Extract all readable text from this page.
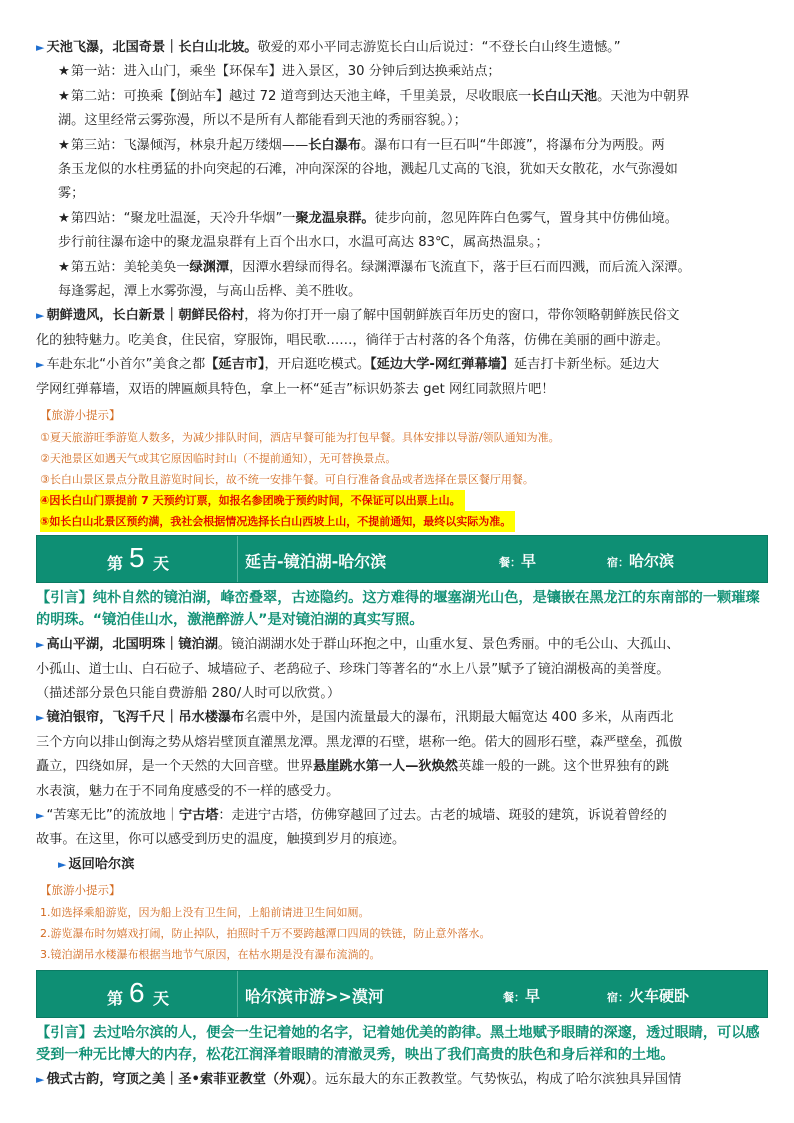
► 天池飞瀑，北国奇景｜长白山北坡。敬爱的邓小平同志游览长白山后说过：“不登长白山终生遗憾。”

★第一站：进入山门，乘坐【环保车】进入景区，30 分钟后到达换乘站点；

★第二站：可换乘【倒站车】越过 72 道弯到达天池主峰，千里美景，尽收眼底一长白山天池。天池为中朝界

湖。这里经常云雾弥漫，所以不是所有人都能看到天池的秀丽容貌。）；

★第三站：飞瀑倾泻，林泉升起万缕烟——长白瀑布。瀑布口有一巨石叫“牛郎渡”，将瀑布分为两股。两

条玉龙似的水柱勇猛的扑向突起的石滩，冲向深深的谷地，溅起几丈高的飞浪，犹如天女散花，水气弥漫如

雾；

★第四站：“聚龙吐温涎，天冷升华烟”一聚龙温泉群。徒步向前，忽见阵阵白色雾气，置身其中仿佛仙境。

步行前往瀑布途中的聚龙温泉群有上百个出水口，水温可高达 83℃，属高热温泉。；

★第五站：美轮美奂一绿渊潭，因潭水碧绿而得名。绿渊潭瀑布飞流直下，落于巨石而四溅，而后流入深潭。

每逢雾起，潭上水雾弥漫，与高山岳桦、美不胜收。

► 朝鲜遗风，长白新景｜朝鲜民俗村，将为你打开一扇了解中国朝鲜族百年历史的窗口，带你领略朝鲜族民俗文

化的独特魅力。吃美食，住民宿，穿服饰，唱民歌……，徜徉于古村落的各个角落，仿佛在美丽的画中游走。

► 车赴东北“小首尔”美食之都【延吉市】，开启逛吃模式。【延边大学-网红弹幕墙】延吉打卡新坐标。延边大

学网红弹幕墙，双语的牌匾颇具特色，拿上一杯“延吉”标识奶茶去 get 网红同款照片吧！

【旅游小提示】

①夏天旅游旺季游览人数多，为减少排队时间，酒店早餐可能为打包早餐。具体安排以导游/领队通知为准。
②天池景区如遇天气或其它原因临时封山（不提前通知），无可替换景点。
③长白山景区景点分散且游览时间长，故不统一安排午餐。可自行准备食品或者选择在景区餐厅用餐。
④因长白山门票提前 7 天预约订票，如报名参团晚于预约时间，不保证可以出票上山。
⑤如长白山北景区预约满，我社会根据情况选择长白山西坡上山，不提前通知，最终以实际为准。
第 5 天	延吉-镜泊湖-哈尔滨	餐：早	宿：哈尔滨

【引言】纯朴自然的镜泊湖，峰峦叠翠，古迹隐约。这方难得的堰塞湖光山色，是镶嵌在黑龙江的东南部的一颗璀璨的明珠。“镜泊佳山水，激滟醉游人”是对镜泊湖的真实写照。

► 高山平湖，北国明珠｜镜泊湖。镜泊湖湖水处于群山环抱之中，山重水复、景色秀丽。中的毛公山、大孤山、

小孤山、道士山、白石砬子、城墙砬子、老鸹砬子、珍珠门等著名的“水上八景”赋予了镜泊湖极高的美誉度。

（描述部分景色只能自费游船 280/人时可以欣赏。）

► 镜泊银帘，飞泻千尺｜吊水楼瀑布名震中外，是国内流量最大的瀑布，汛期最大幅宽达 400 多米，从南西北

三个方向以排山倒海之势从熔岩壁顶直灌黑龙潭。黑龙潭的石壁，堪称一绝。偌大的圆形石壁，森严壁垒，孤傲

矗立，四绕如屏，是一个天然的大回音壁。世界悬崖跳水第一人—狄焕然英雄一般的一跳。这个世界独有的跳

水表演，魅力在于不同角度感受的不一样的感受力。

► “苦寒无比”的流放地｜宁古塔：走进宁古塔，仿佛穿越回了过去。古老的城墙、斑驳的建筑，诉说着曾经的

故事。在这里，你可以感受到历史的温度，触摸到岁月的痕迹。

► 返回哈尔滨

【旅游小提示】

1.如选择乘船游览，因为船上没有卫生间，上船前请进卫生间如厕。
2.游览瀑布时勿嬉戏打闹，防止掉队，拍照时千万不要跨越潭口四周的铁链，防止意外落水。
3.镜泊湖吊水楼瀑布根据当地节气原因，在枯水期是没有瀑布流淌的。
第 6 天	哈尔滨市游>>漠河	餐：早	宿：火车硬卧

【引言】去过哈尔滨的人，便会一生记着她的名字，记着她优美的韵律。黑土地赋予眼睛的深邃，透过眼睛，可以感受到一种无比博大的内存，松花江润泽着眼睛的清澈灵秀，映出了我们高贵的肤色和身后祥和的土地。

► 俄式古韵，穹顶之美｜圣•索菲亚教堂（外观）。远东最大的东正教教堂。气势恢弘，构成了哈尔滨独具异国情
